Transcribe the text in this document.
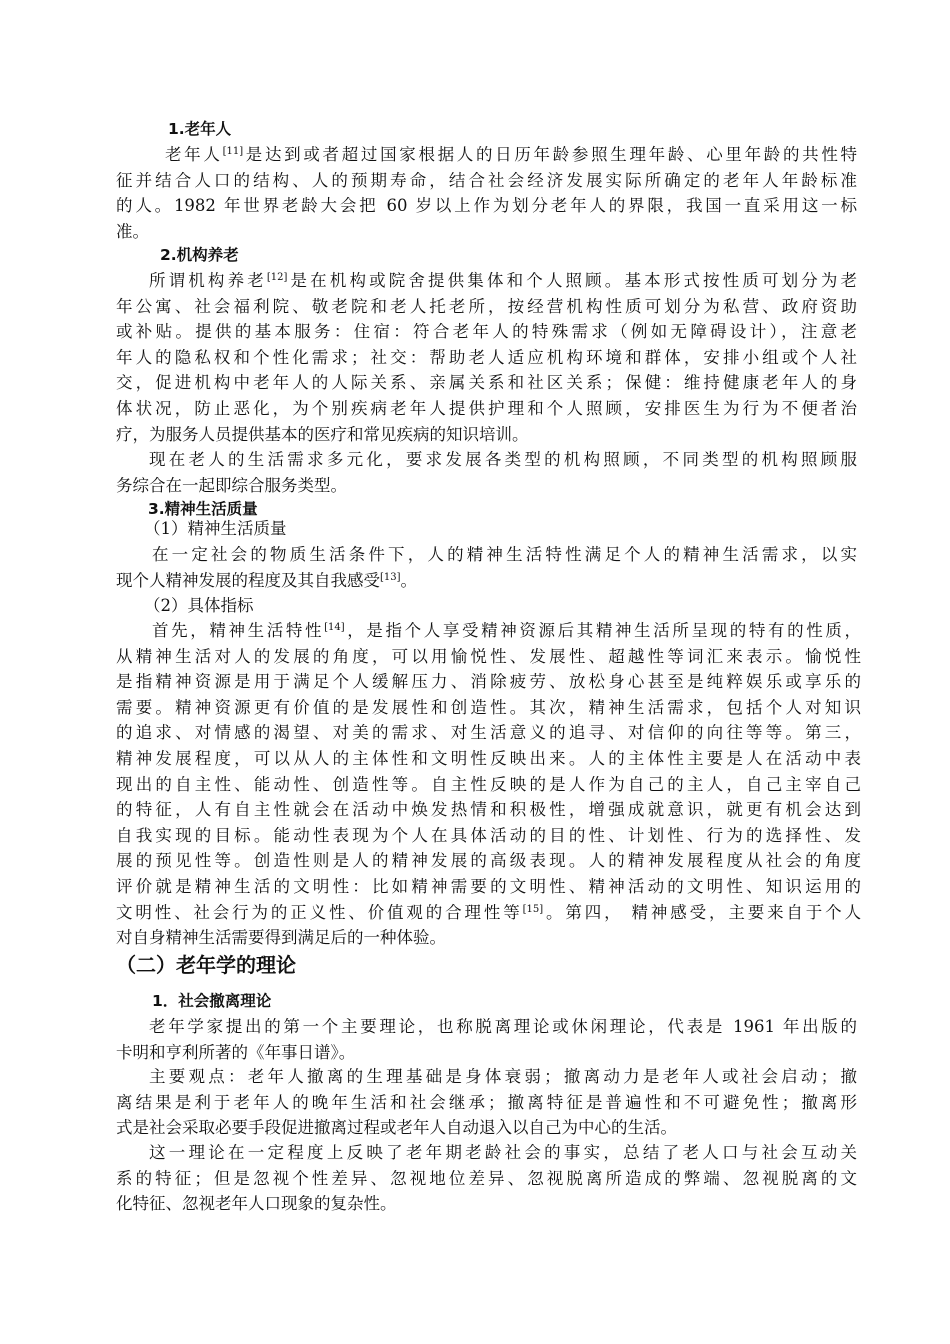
1.老年人
老年人[11]是达到或者超过国家根据人的日历年龄参照生理年龄、心里年龄的共性特
征并结合人口的结构、人的预期寿命，结合社会经济发展实际所确定的老年人年龄标准
的人。1982 年世界老龄大会把 60 岁以上作为划分老年人的界限，我国一直采用这一标
准。
2.机构养老
所谓机构养老[12]是在机构或院舍提供集体和个人照顾。基本形式按性质可划分为老
年公寓、社会福利院、敬老院和老人托老所，按经营机构性质可划分为私营、政府资助
或补贴。提供的基本服务：住宿：符合老年人的特殊需求（例如无障碍设计），注意老
年人的隐私权和个性化需求；社交：帮助老人适应机构环境和群体，安排小组或个人社
交，促进机构中老年人的人际关系、亲属关系和社区关系；保健：维持健康老年人的身
体状况，防止恶化，为个别疾病老年人提供护理和个人照顾，安排医生为行为不便者治
疗，为服务人员提供基本的医疗和常见疾病的知识培训。
现在老人的生活需求多元化，要求发展各类型的机构照顾，不同类型的机构照顾服
务综合在一起即综合服务类型。
3.精神生活质量
（1）精神生活质量
在一定社会的物质生活条件下，人的精神生活特性满足个人的精神生活需求，以实
现个人精神发展的程度及其自我感受[13]。
（2）具体指标
首先，精神生活特性[14]，是指个人享受精神资源后其精神生活所呈现的特有的性质，
从精神生活对人的发展的角度，可以用愉悦性、发展性、超越性等词汇来表示。愉悦性
是指精神资源是用于满足个人缓解压力、消除疲劳、放松身心甚至是纯粹娱乐或享乐的
需要。精神资源更有价值的是发展性和创造性。其次，精神生活需求，包括个人对知识
的追求、对情感的渴望、对美的需求、对生活意义的追寻、对信仰的向往等等。第三，
精神发展程度，可以从人的主体性和文明性反映出来。人的主体性主要是人在活动中表
现出的自主性、能动性、创造性等。自主性反映的是人作为自己的主人，自己主宰自己
的特征，人有自主性就会在活动中焕发热情和积极性，增强成就意识，就更有机会达到
自我实现的目标。能动性表现为个人在具体活动的目的性、计划性、行为的选择性、发
展的预见性等。创造性则是人的精神发展的高级表现。人的精神发展程度从社会的角度
评价就是精神生活的文明性：比如精神需要的文明性、精神活动的文明性、知识运用的
文明性、社会行为的正义性、价值观的合理性等[15]。第四， 精神感受，主要来自于个人
对自身精神生活需要得到满足后的一种体验。
（二）老年学的理论
1．社会撤离理论
老年学家提出的第一个主要理论，也称脱离理论或休闲理论，代表是 1961 年出版的
卡明和亨利所著的《年事日谱》。
主要观点：老年人撤离的生理基础是身体衰弱；撤离动力是老年人或社会启动；撤
离结果是利于老年人的晚年生活和社会继承；撤离特征是普遍性和不可避免性；撤离形
式是社会采取必要手段促进撤离过程或老年人自动退入以自己为中心的生活。
这一理论在一定程度上反映了老年期老龄社会的事实，总结了老人口与社会互动关
系的特征；但是忽视个性差异、忽视地位差异、忽视脱离所造成的弊端、忽视脱离的文
化特征、忽视老年人口现象的复杂性。
